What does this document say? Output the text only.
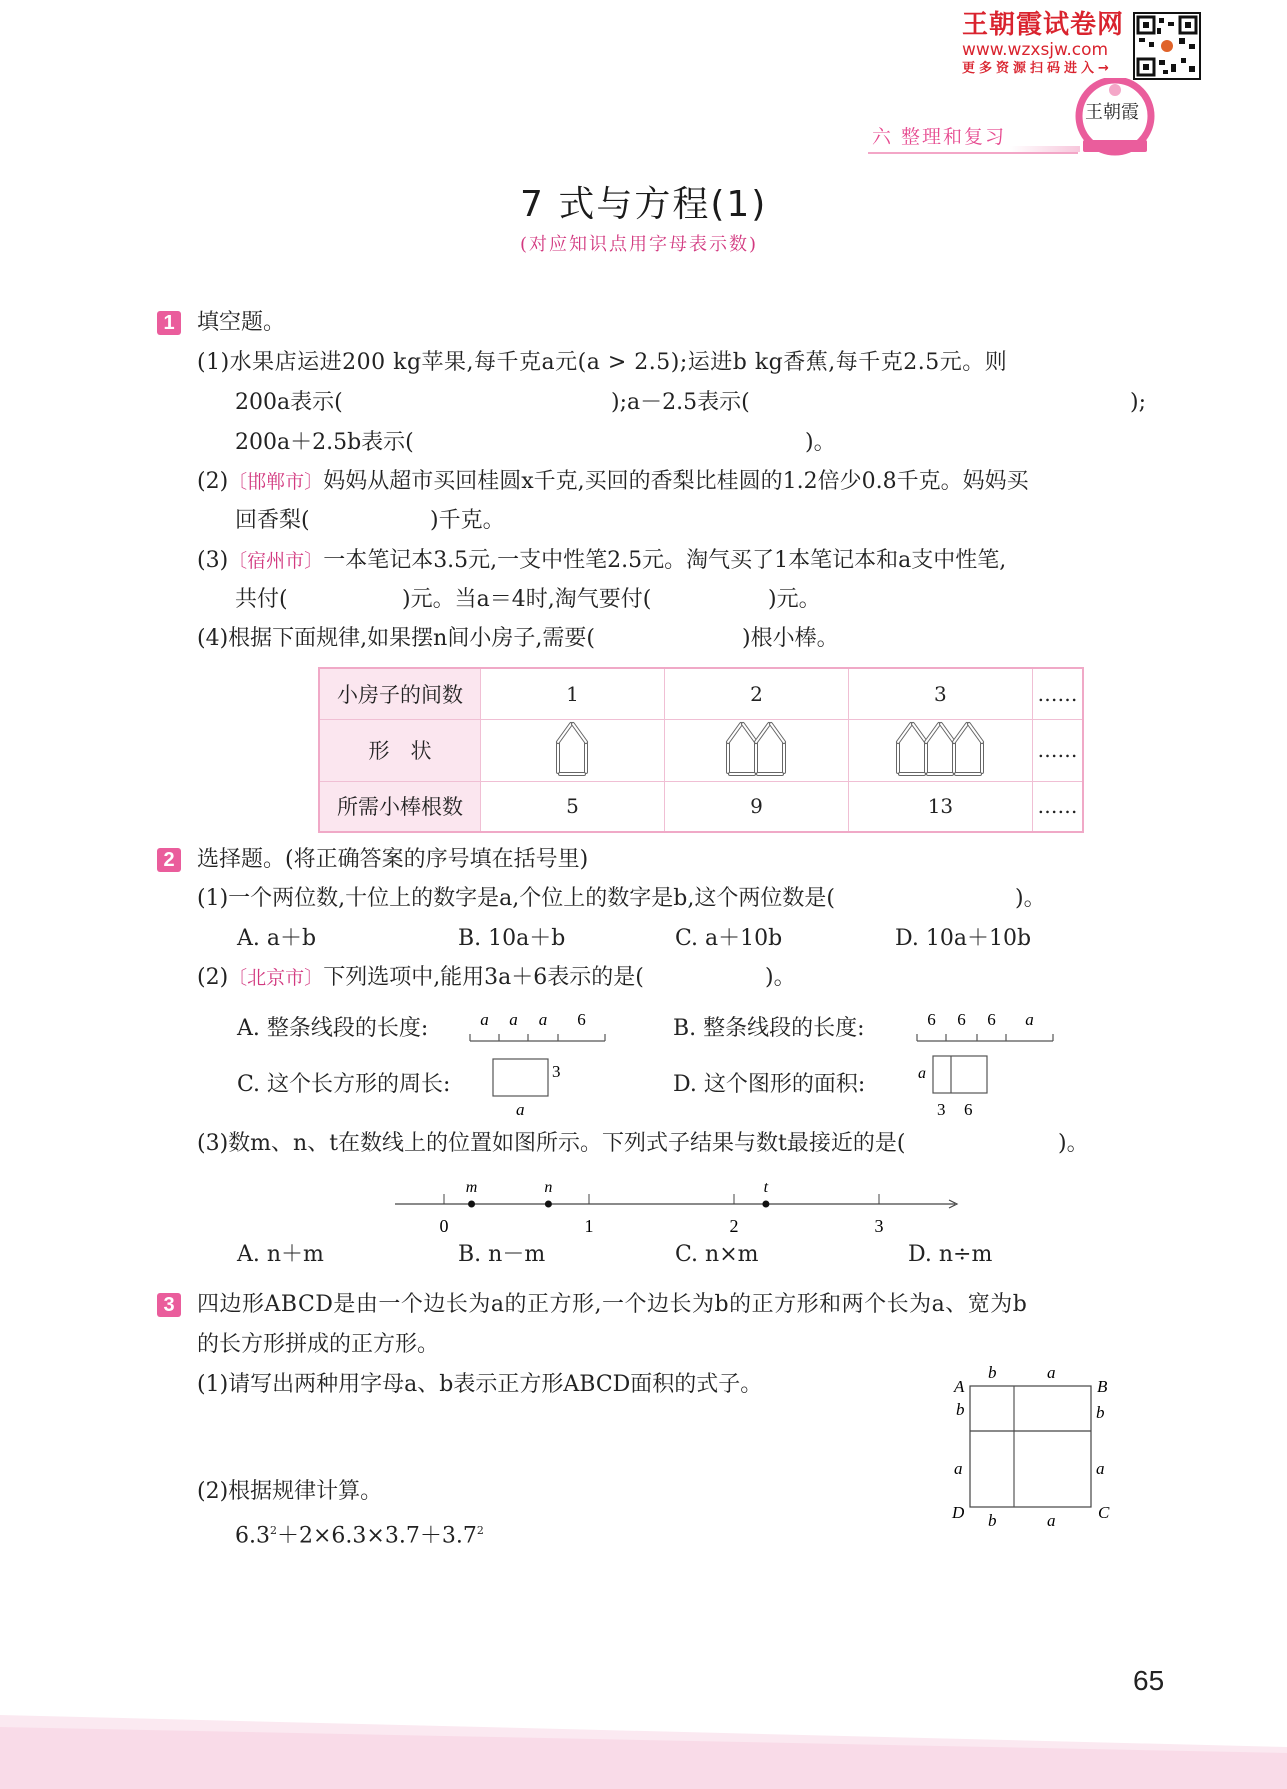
王朝霞试卷网
www.wzxsjw.com
更多资源扫码进入→
王朝霞
六 整理和复习
7 式与方程(1)
(对应知识点用字母表示数)
1 填空题。
(1)水果店运进200 kg苹果,每千克a元(a > 2.5);运进b kg香蕉,每千克2.5元。则
200a表示(	);a－2.5表示(	);
200a＋2.5b表示(	)。
(2)〔邯郸市〕妈妈从超市买回桂圆x千克,买回的香梨比桂圆的1.2倍少0.8千克。妈妈买
回香梨(	)千克。
(3)〔宿州市〕一本笔记本3.5元,一支中性笔2.5元。淘气买了1本笔记本和a支中性笔,
共付(	)元。当a＝4时,淘气要付(	)元。
(4)根据下面规律,如果摆n间小房子,需要(	)根小棒。
小房子的间数	1	2	3	……
形　状				……
所需小棒根数	5	9	13	……
2 选择题。(将正确答案的序号填在括号里)
(1)一个两位数,十位上的数字是a,个位上的数字是b,这个两位数是(	)。
A. a＋b	B. 10a＋b	C. a＋10b	D. 10a＋10b
(2)〔北京市〕下列选项中,能用3a＋6表示的是(	)。
A. 整条线段的长度:	a a a 6	B. 整条线段的长度:	6 6 6 a
C. 这个长方形的周长:
3
a
D. 这个图形的面积:	a
3 6
(3)数m、n、t在数线上的位置如图所示。下列式子结果与数t最接近的是(	)。
0	1	2	3
m	n	t
A. n＋m	B. n－m	C. n×m	D. n÷m
3 四边形ABCD是由一个边长为a的正方形,一个边长为b的正方形和两个长为a、宽为b
的长方形拼成的正方形。
(1)请写出两种用字母a、b表示正方形ABCD面积的式子。
(2)根据规律计算。
$6.3^2+2\times 6.3\times 3.7+3.7^2$
A	B
C
D
b	a
b	a
b
a
b
a
65
